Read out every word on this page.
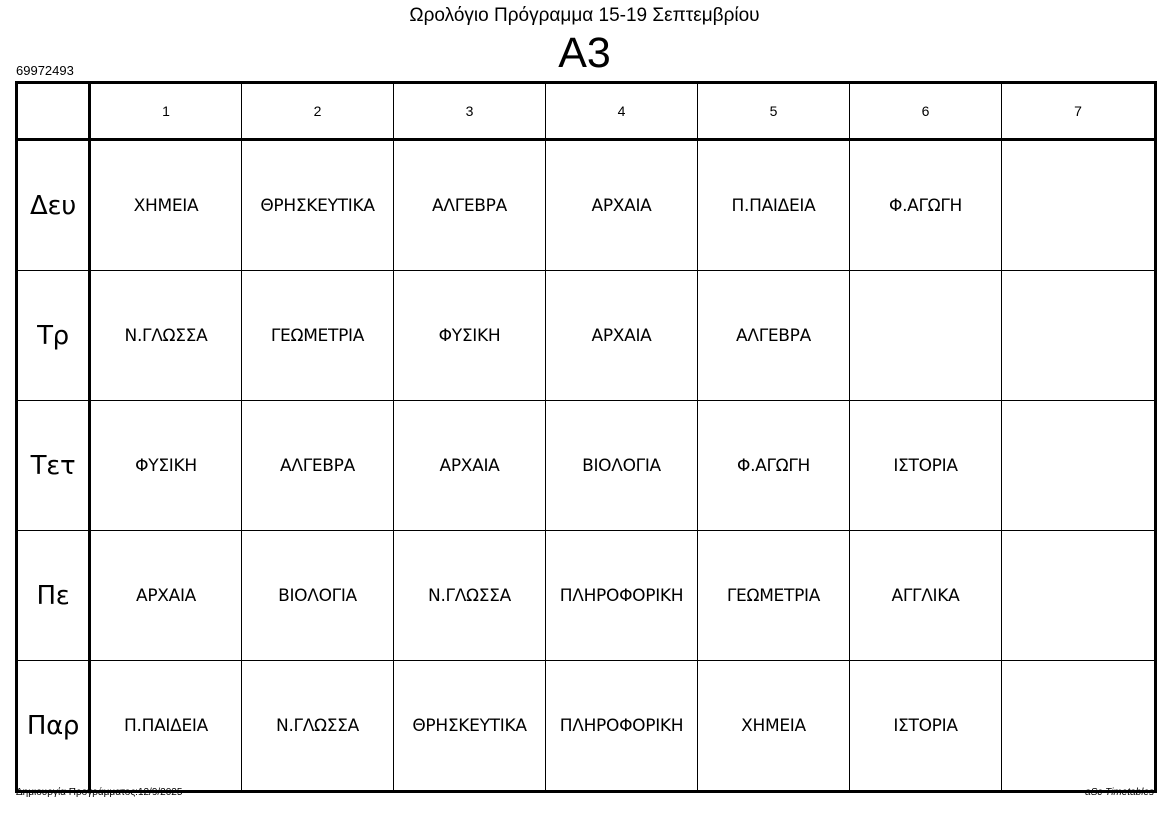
Ωρολόγιο Πρόγραμμα 15-19 Σεπτεμβρίου
Α3
69972493
	1	2	3	4	5	6	7
Δευ	ΧΗΜΕΙΑ	ΘΡΗΣΚΕΥΤΙΚΑ	ΑΛΓΕΒΡΑ	ΑΡΧΑΙΑ	Π.ΠΑΙΔΕΙΑ	Φ.ΑΓΩΓΗ	
Τρ	Ν.ΓΛΩΣΣΑ	ΓΕΩΜΕΤΡΙΑ	ΦΥΣΙΚΗ	ΑΡΧΑΙΑ	ΑΛΓΕΒΡΑ		
Τετ	ΦΥΣΙΚΗ	ΑΛΓΕΒΡΑ	ΑΡΧΑΙΑ	ΒΙΟΛΟΓΙΑ	Φ.ΑΓΩΓΗ	ΙΣΤΟΡΙΑ	
Πε	ΑΡΧΑΙΑ	ΒΙΟΛΟΓΙΑ	Ν.ΓΛΩΣΣΑ	ΠΛΗΡΟΦΟΡΙΚΗ	ΓΕΩΜΕΤΡΙΑ	ΑΓΓΛΙΚΑ	
Παρ	Π.ΠΑΙΔΕΙΑ	Ν.ΓΛΩΣΣΑ	ΘΡΗΣΚΕΥΤΙΚΑ	ΠΛΗΡΟΦΟΡΙΚΗ	ΧΗΜΕΙΑ	ΙΣΤΟΡΙΑ	
Δημιουργία Προγράμματος:12/9/2025	aSc Timetables
